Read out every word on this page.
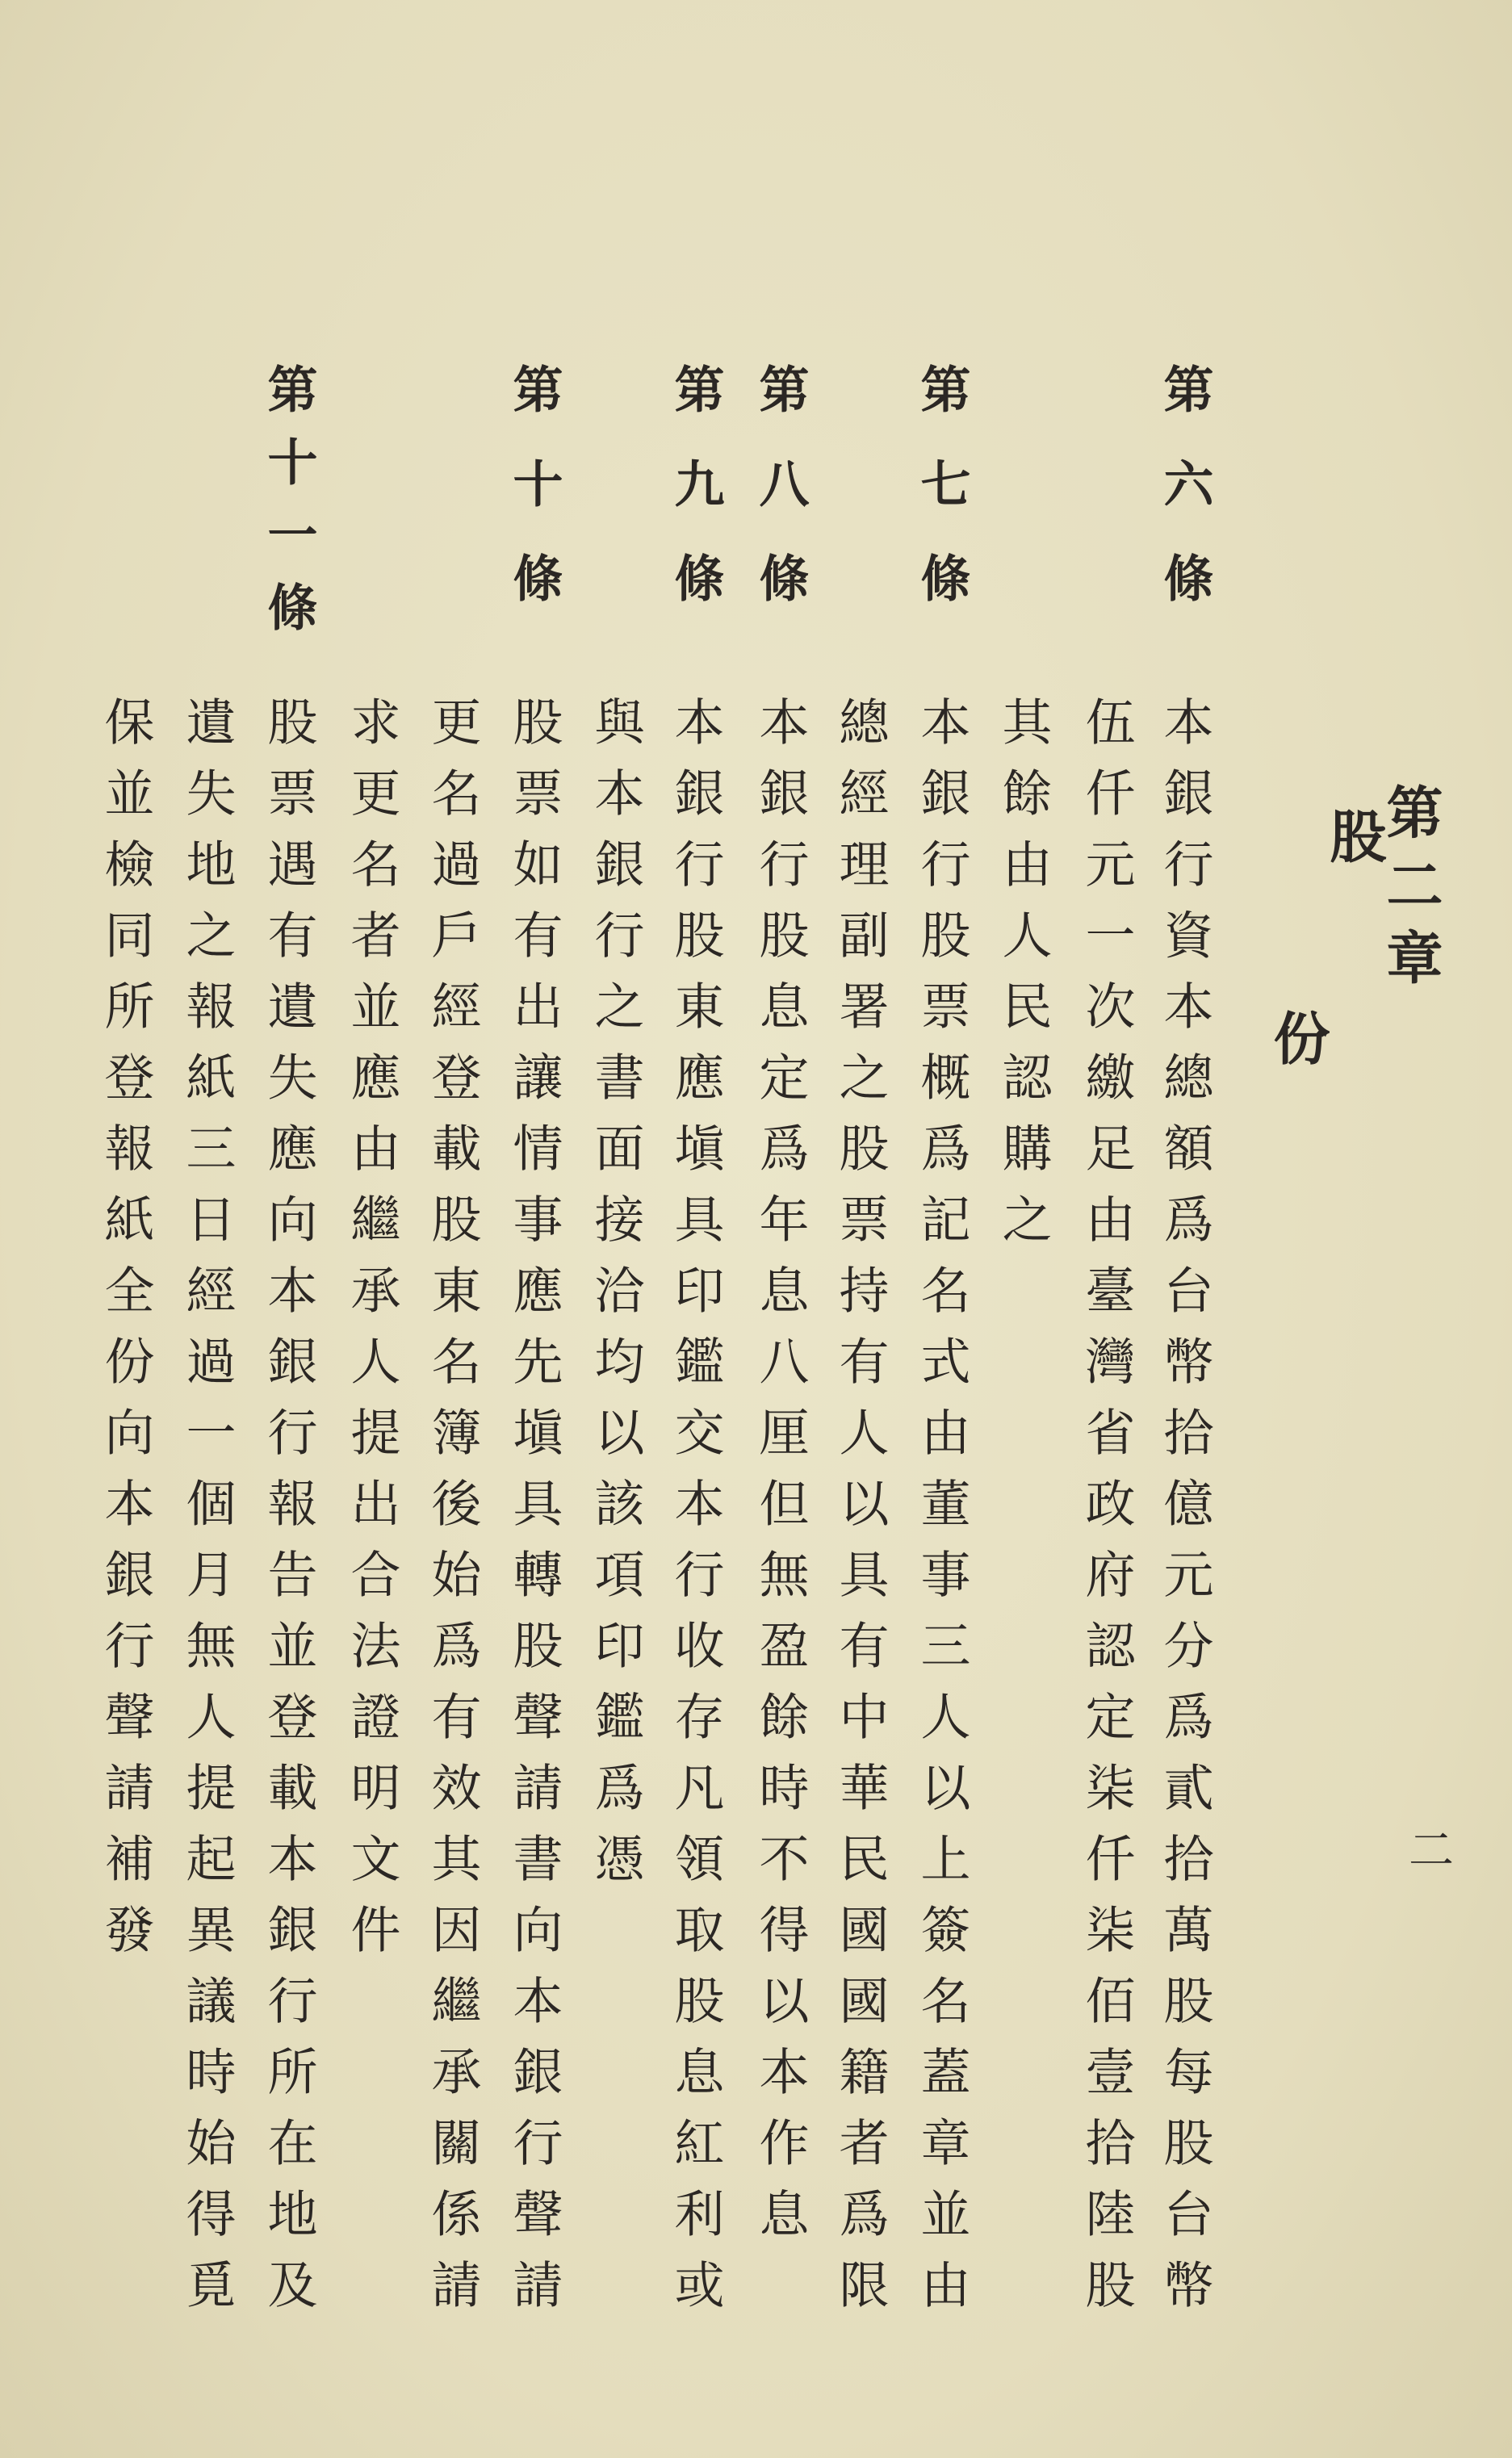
第二章
股
份
第六條
本銀行資本總額爲台幣拾億元分爲貳拾萬股每股台幣
伍仟元一次繳足由臺灣省政府認定柒仟柒佰壹拾陸股
其餘由人民認購之
第七條
本銀行股票概爲記名式由董事三人以上簽名蓋章並由
總經理副署之股票持有人以具有中華民國國籍者爲限
第八條
本銀行股息定爲年息八厘但無盈餘時不得以本作息
第九條
本銀行股東應塡具印鑑交本行收存凡領取股息紅利或
與本銀行之書面接洽均以該項印鑑爲憑
第十條
股票如有出讓情事應先塡具轉股聲請書向本銀行聲請
更名過戶經登載股東名簿後始爲有效其因繼承關係請
求更名者並應由繼承人提出合法證明文件
第十一條
股票遇有遺失應向本銀行報告並登載本銀行所在地及
遺失地之報紙三日經過一個月無人提起異議時始得覓
保並檢同所登報紙全份向本銀行聲請補發	二
